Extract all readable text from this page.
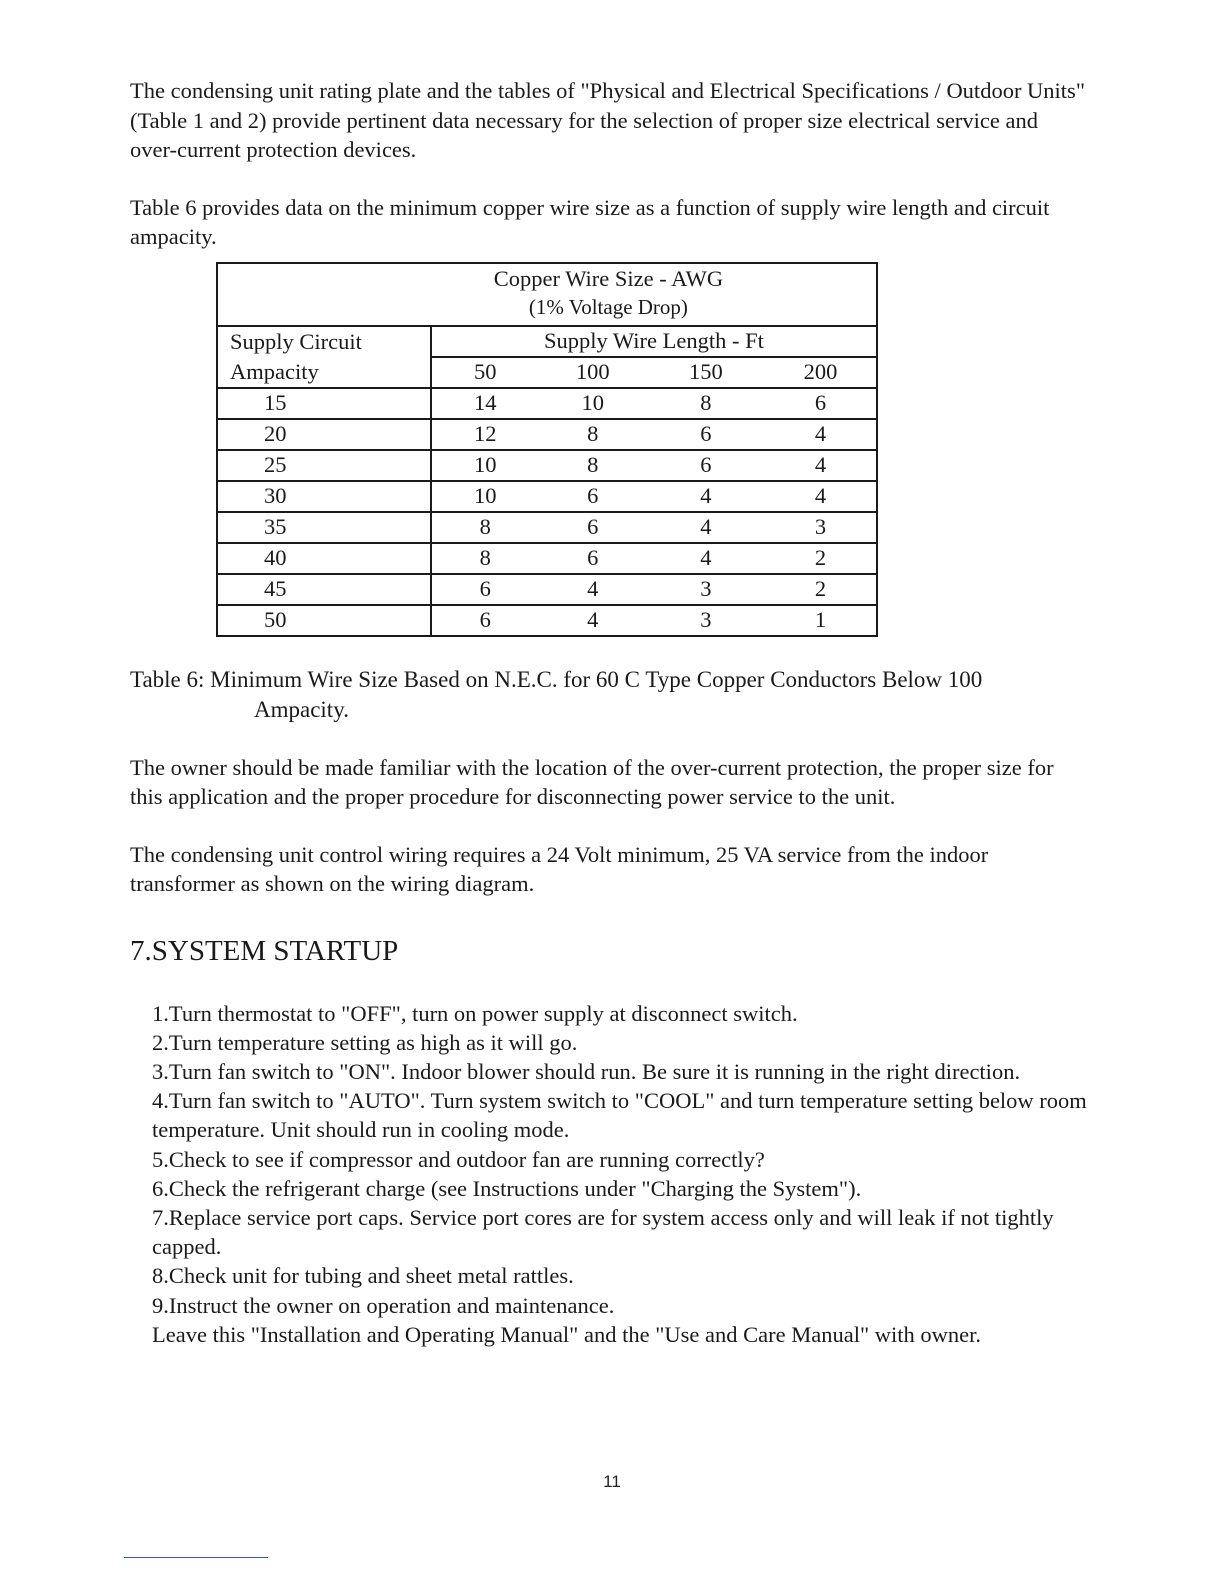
The condensing unit rating plate and the tables of "Physical and Electrical Specifications / Outdoor Units" (Table 1 and 2) provide pertinent data necessary for the selection of proper size electrical service and over-current protection devices.

Table 6 provides data on the minimum copper wire size as a function of supply wire length and circuit ampacity.

	Copper Wire Size - AWG
(1% Voltage Drop)			

Supply Circuit	Supply Wire Length - Ft			
Ampacity	50	100	150	200
15	14	10	8	6
20	12	8	6	4
25	10	8	6	4
30	10	6	4	4
35	8	6	4	3
40	8	6	4	2
45	6	4	3	2
50	6	4	3	1
Table 6: Minimum Wire Size Based on N.E.C. for 60 C Type Copper Conductors Below 100
Ampacity.

The owner should be made familiar with the location of the over-current protection, the proper size for this application and the proper procedure for disconnecting power service to the unit.

The condensing unit control wiring requires a 24 Volt minimum, 25 VA service from the indoor transformer as shown on the wiring diagram.

7.SYSTEM STARTUP
1.Turn thermostat to "OFF", turn on power supply at disconnect switch.
2.Turn temperature setting as high as it will go.
3.Turn fan switch to "ON". Indoor blower should run. Be sure it is running in the right direction.
4.Turn fan switch to "AUTO". Turn system switch to "COOL" and turn temperature setting below room temperature. Unit should run in cooling mode.
5.Check to see if compressor and outdoor fan are running correctly?
6.Check the refrigerant charge (see Instructions under "Charging the System").
7.Replace service port caps. Service port cores are for system access only and will leak if not tightly capped.
8.Check unit for tubing and sheet metal rattles.
9.Instruct the owner on operation and maintenance.
Leave this "Installation and Operating Manual" and the "Use and Care Manual" with owner.
11
